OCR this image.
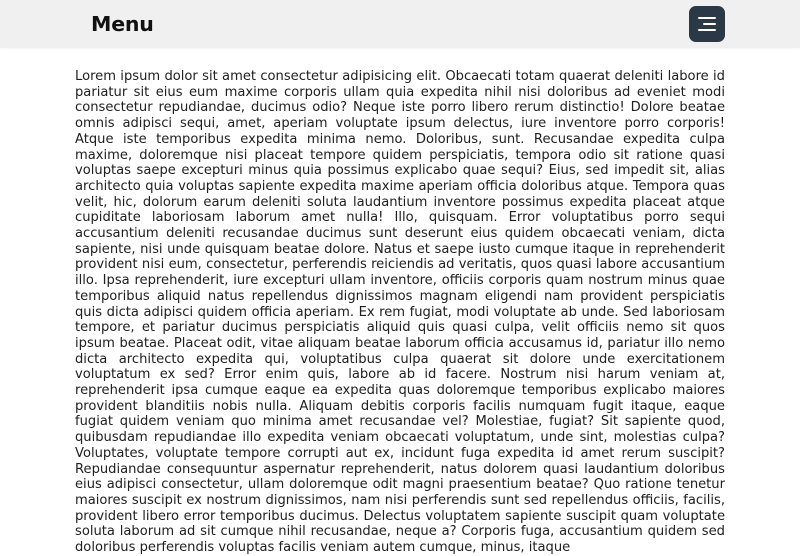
Menu

Lorem ipsum dolor sit amet consectetur adipisicing elit. Obcaecati totam quaerat deleniti labore id pariatur sit eius eum maxime corporis ullam quia expedita nihil nisi doloribus ad eveniet modi consectetur repudiandae, ducimus odio? Neque iste porro libero rerum distinctio! Dolore beatae omnis adipisci sequi, amet, aperiam voluptate ipsum delectus, iure inventore porro corporis! Atque iste temporibus expedita minima nemo. Doloribus, sunt. Recusandae expedita culpa maxime, doloremque nisi placeat tempore quidem perspiciatis, tempora odio sit ratione quasi voluptas saepe excepturi minus quia possimus explicabo quae sequi? Eius, sed impedit sit, alias architecto quia voluptas sapiente expedita maxime aperiam officia doloribus atque. Tempora quas velit, hic, dolorum earum deleniti soluta laudantium inventore possimus expedita placeat atque cupiditate laboriosam laborum amet nulla! Illo, quisquam. Error voluptatibus porro sequi accusantium deleniti recusandae ducimus sunt deserunt eius quidem obcaecati veniam, dicta sapiente, nisi unde quisquam beatae dolore. Natus et saepe iusto cumque itaque in reprehenderit provident nisi eum, consectetur, perferendis reiciendis ad veritatis, quos quasi labore accusantium illo. Ipsa reprehenderit, iure excepturi ullam inventore, officiis corporis quam nostrum minus quae temporibus aliquid natus repellendus dignissimos magnam eligendi nam provident perspiciatis quis dicta adipisci quidem officia aperiam. Ex rem fugiat, modi voluptate ab unde. Sed laboriosam tempore, et pariatur ducimus perspiciatis aliquid quis quasi culpa, velit officiis nemo sit quos ipsum beatae. Placeat odit, vitae aliquam beatae laborum officia accusamus id, pariatur illo nemo dicta architecto expedita qui, voluptatibus culpa quaerat sit dolore unde exercitationem voluptatum ex sed? Error enim quis, labore ab id facere. Nostrum nisi harum veniam at, reprehenderit ipsa cumque eaque ea expedita quas doloremque temporibus explicabo maiores provident blanditiis nobis nulla. Aliquam debitis corporis facilis numquam fugit itaque, eaque fugiat quidem veniam quo minima amet recusandae vel? Molestiae, fugiat? Sit sapiente quod, quibusdam repudiandae illo expedita veniam obcaecati voluptatum, unde sint, molestias culpa? Voluptates, voluptate tempore corrupti aut ex, incidunt fuga expedita id amet rerum suscipit? Repudiandae consequuntur aspernatur reprehenderit, natus dolorem quasi laudantium doloribus eius adipisci consectetur, ullam doloremque odit magni praesentium beatae? Quo ratione tenetur maiores suscipit ex nostrum dignissimos, nam nisi perferendis sunt sed repellendus officiis, facilis, provident libero error temporibus ducimus. Delectus voluptatem sapiente suscipit quam voluptate soluta laborum ad sit cumque nihil recusandae, neque a? Corporis fuga, accusantium quidem sed doloribus perferendis voluptas facilis veniam autem cumque, minus, itaque
